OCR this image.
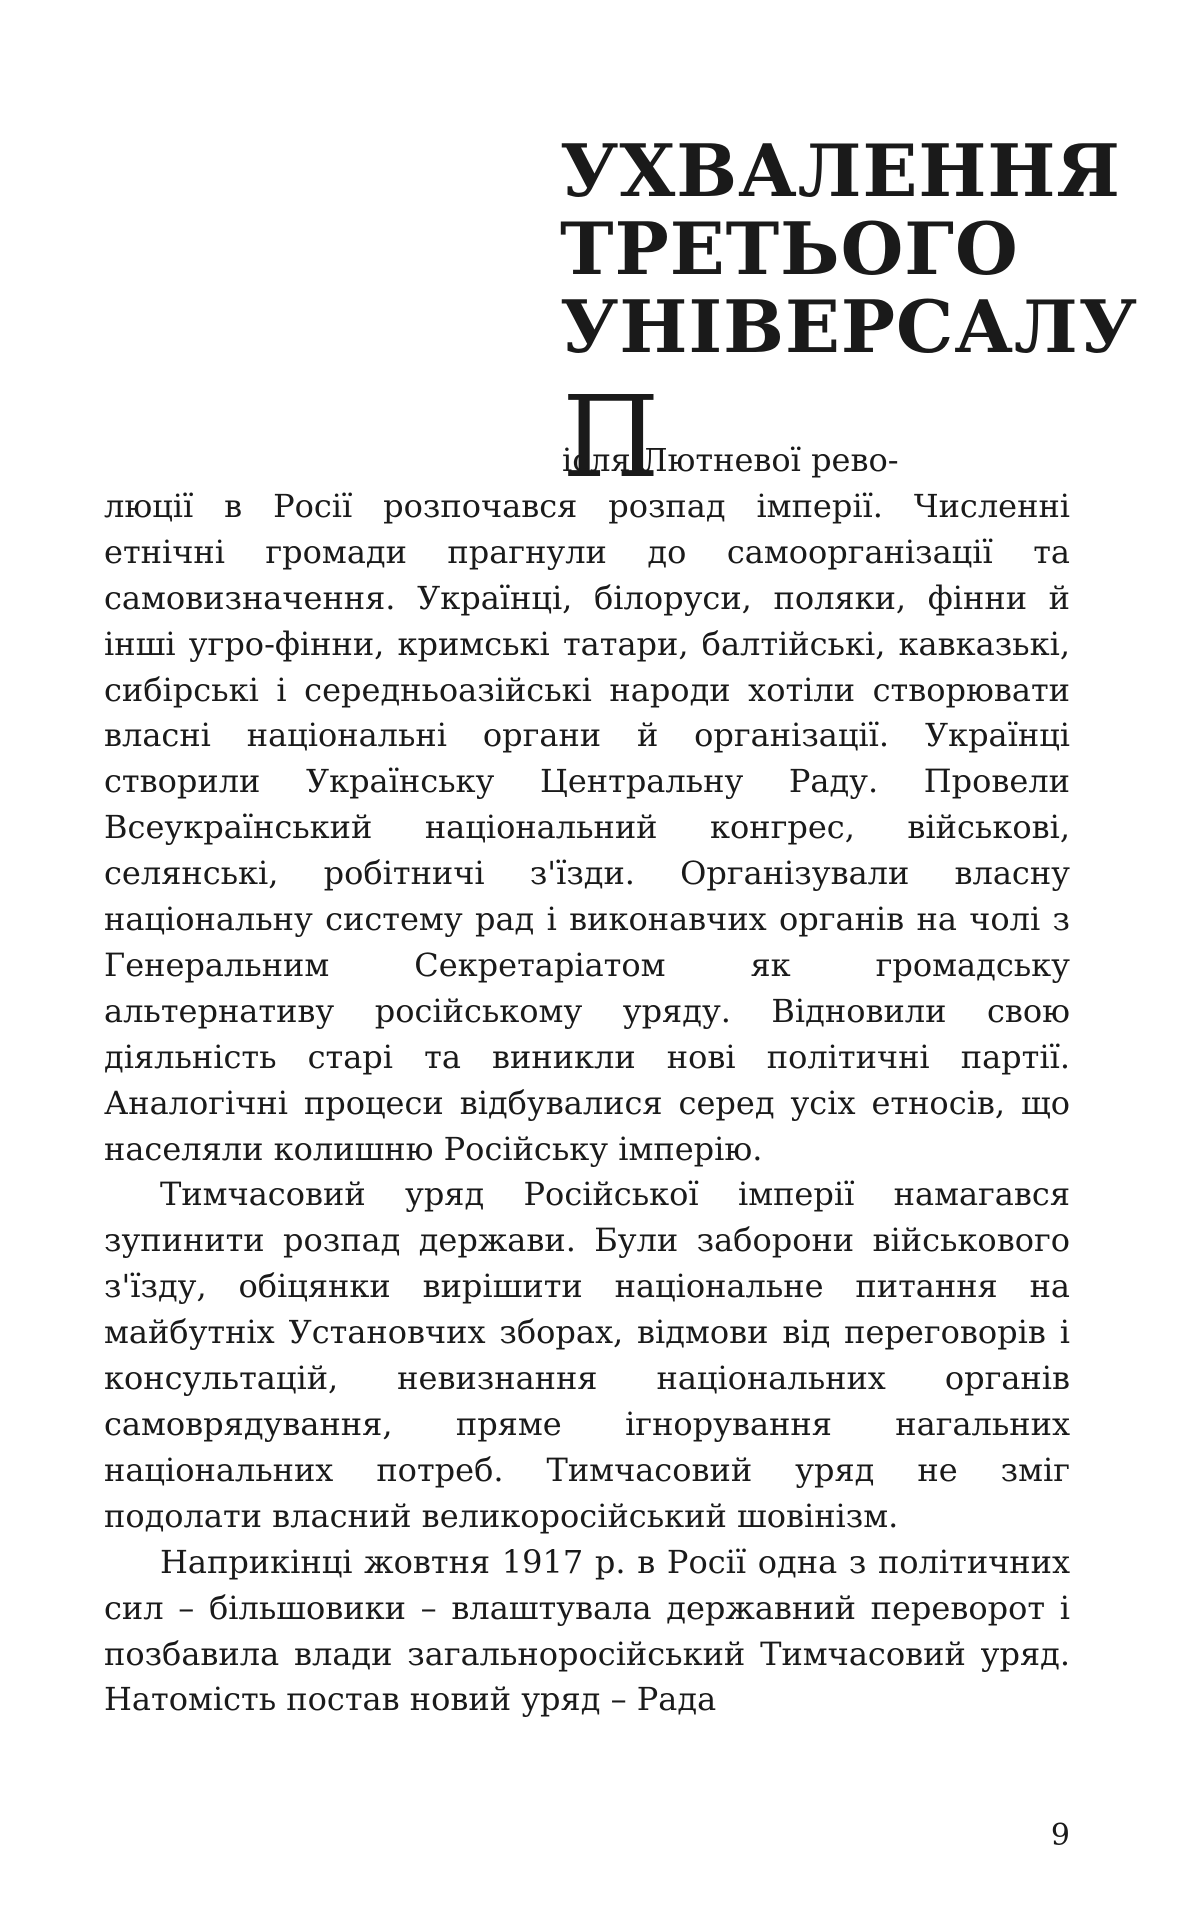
УХВАЛЕННЯ
ТРЕТЬОГО
УНІВЕРСАЛУ
П

ісля Лютневої рево-
люції в Росії розпочався розпад імперії. Численні етнічні громади прагнули до самоорганізації та самовизначення. Українці, білоруси, поляки, фінни й інші угро-фінни, кримські татари, балтійські, кавказькі, сибірські і середньоазійські народи хотіли створювати власні національні органи й організації. Українці створили Українську Центральну Раду. Провели Всеукраїнський національний конгрес, військові, селянські, робітничі з'їзди. Організували власну національну систему рад і виконавчих органів на чолі з Генеральним Секретаріатом як громадську альтернативу російському уряду. Відновили свою діяльність старі та виникли нові політичні партії. Аналогічні процеси відбувалися серед усіх етносів, що населяли колишню Російську імперію.

Тимчасовий уряд Російської імперії намагався зупинити розпад держави. Були заборони військового з'їзду, обіцянки вирішити національне питання на майбутніх Установчих зборах, відмови від переговорів і консультацій, невизнання національних органів самоврядування, пряме ігнорування нагальних національних потреб. Тимчасовий уряд не зміг подолати власний великоросійський шовінізм.

Наприкінці жовтня 1917 р. в Росії одна з політичних сил – більшовики – влаштувала державний переворот і позбавила влади загальноросійський Тимчасовий уряд. Натомість постав новий уряд – Рада

9
